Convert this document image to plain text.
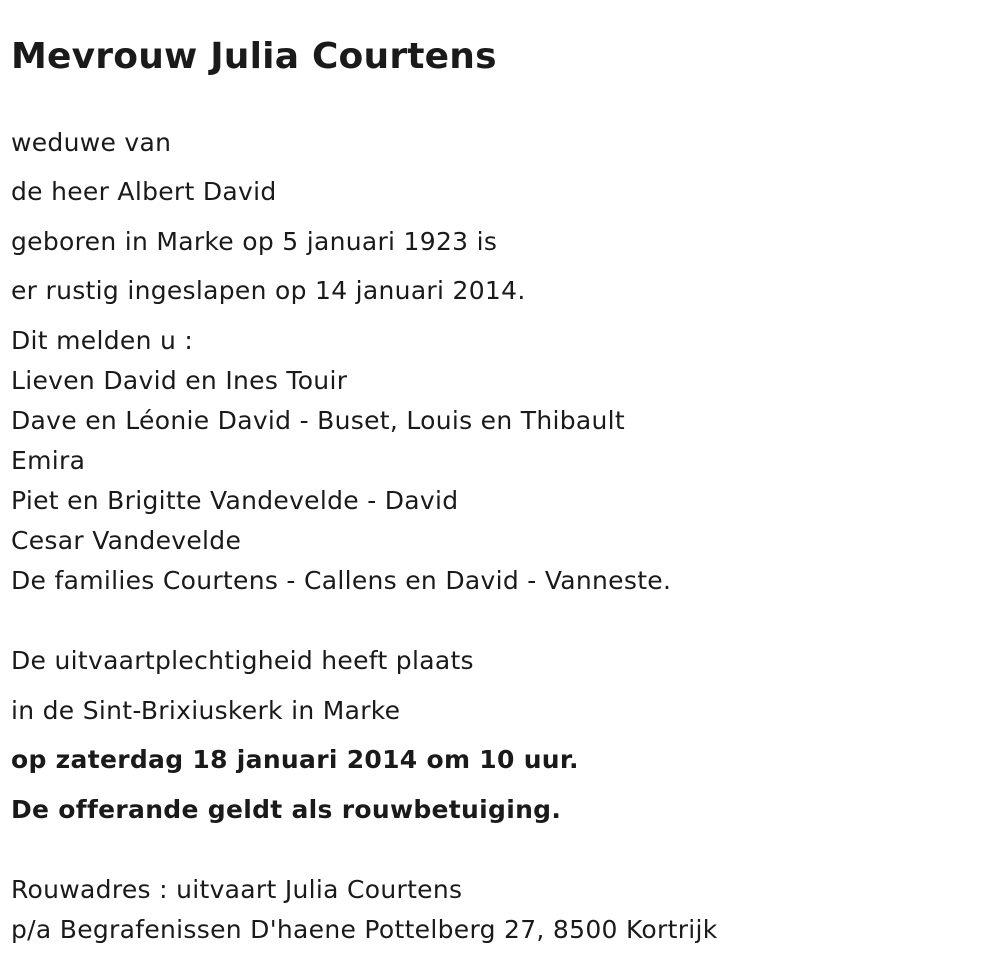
Mevrouw Julia Courtens

weduwe van

de heer Albert David

geboren in Marke op 5 januari 1923 is

er rustig ingeslapen op 14 januari 2014.

Dit melden u :

Lieven David en Ines Touir

Dave en Léonie David - Buset, Louis en Thibault

Emira

Piet en Brigitte Vandevelde - David

Cesar Vandevelde

De families Courtens - Callens en David - Vanneste.

De uitvaartplechtigheid heeft plaats

in de Sint-Brixiuskerk in Marke

op zaterdag 18 januari 2014 om 10 uur.

De offerande geldt als rouwbetuiging.

Rouwadres : uitvaart Julia Courtens

p/a Begrafenissen D'haene Pottelberg 27, 8500 Kortrijk
